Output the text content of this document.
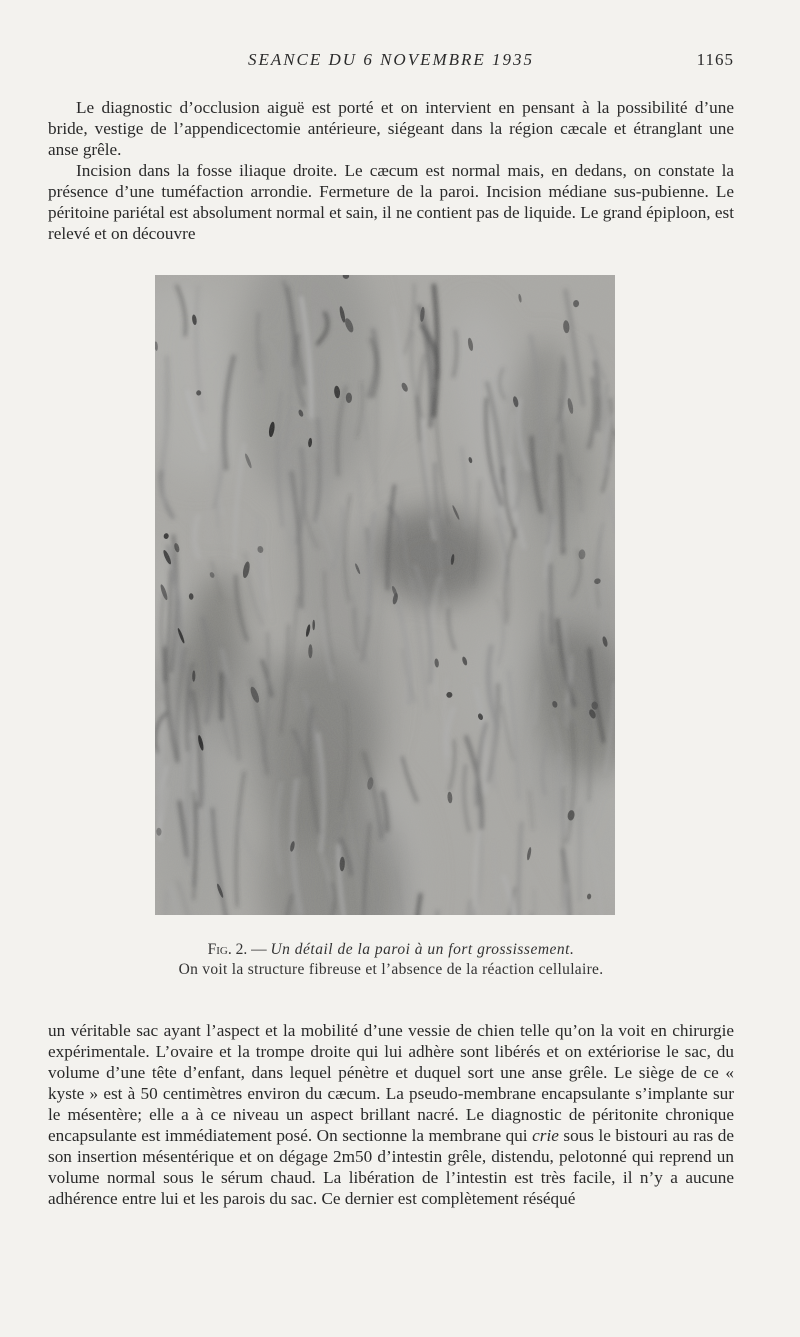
SEANCE DU 6 NOVEMBRE 1935	1165

Le diagnostic d’occlusion aiguë est porté et on intervient en pensant à la possibilité d’une bride, vestige de l’appendicectomie antérieure, siégeant dans la région cæcale et étranglant une anse grêle.

Incision dans la fosse iliaque droite. Le cæcum est normal mais, en dedans, on constate la présence d’une tuméfaction arrondie. Fermeture de la paroi. Incision médiane sus-pubienne. Le péritoine pariétal est absolument normal et sain, il ne contient pas de liquide. Le grand épiploon, est relevé et on découvre

Fig. 2. — Un détail de la paroi à un fort grossissement.
On voit la structure fibreuse et l’absence de la réaction cellulaire.

un véritable sac ayant l’aspect et la mobilité d’une vessie de chien telle qu’on la voit en chirurgie expérimentale. L’ovaire et la trompe droite qui lui adhère sont libérés et on extériorise le sac, du volume d’une tête d’enfant, dans lequel pénètre et duquel sort une anse grêle. Le siège de ce « kyste » est à 50 centimètres environ du cæcum. La pseudo-membrane encapsulante s’implante sur le mésentère; elle a à ce niveau un aspect brillant nacré. Le diagnostic de péritonite chronique encapsulante est immédiatement posé. On sectionne la membrane qui crie sous le bistouri au ras de son insertion mésentérique et on dégage 2m50 d’intestin grêle, distendu, pelotonné qui reprend un volume normal sous le sérum chaud. La libération de l’intestin est très facile, il n’y a aucune adhérence entre lui et les parois du sac. Ce dernier est complètement réséqué
